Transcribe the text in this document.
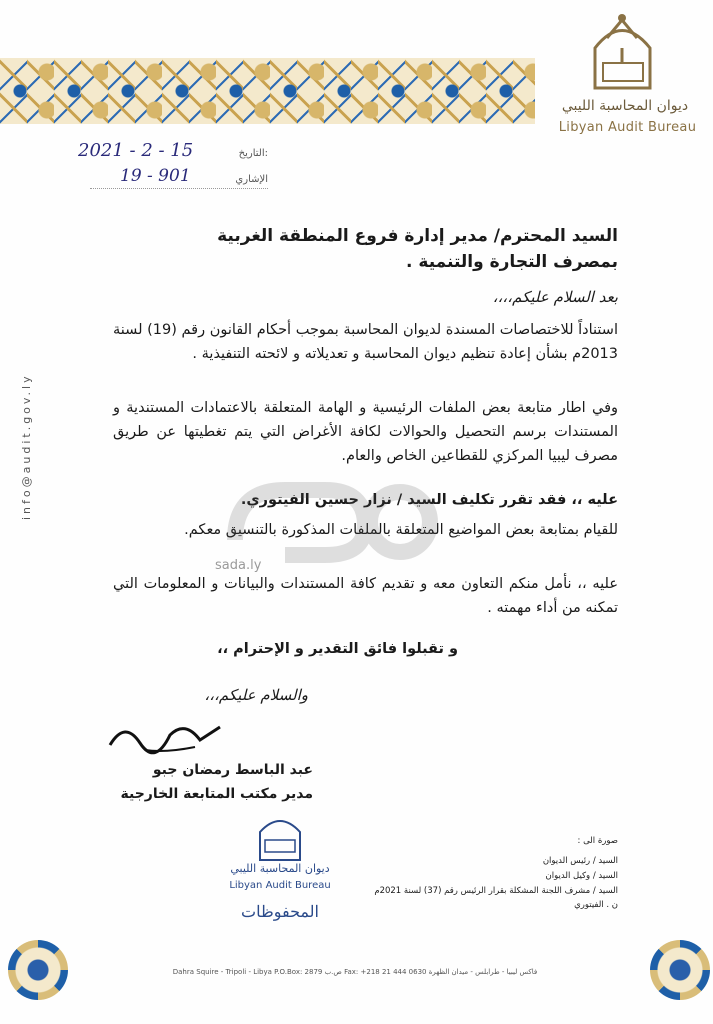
ديوان المحاسبة الليبي
Libyan Audit Bureau
2021 - 2 - 15	التاريخ:
19 - 901	الإشاري
السيد المحترم/ مدير إدارة فروع المنطقة الغربية
بمصرف التجارة والتنمية .
بعد السلام عليكم،،،،
استناداً للاختصاصات المسندة لديوان المحاسبة بموجب أحكام القانون رقم (19) لسنة 2013م بشأن إعادة تنظيم ديوان المحاسبة و تعديلاته و لائحته التنفيذية .
وفي اطار متابعة بعض الملفات الرئيسية و الهامة المتعلقة بالاعتمادات المستندية و المستندات برسم التحصيل والحوالات لكافة الأغراض التي يتم تغطيتها عن طريق مصرف ليبيا المركزي للقطاعين الخاص والعام.
عليه ،، فقد تقرر تكليف السيد / نزار حسين الفيتوري.
للقيام بمتابعة بعض المواضيع المتعلقة بالملفات المذكورة بالتنسيق معكم.
عليه ،، نأمل منكم التعاون معه و تقديم كافة المستندات والبيانات و المعلومات التي تمكنه من أداء مهمته .
و تقبلوا فائق التقدير و الإحترام ،،
والسلام عليكم،،،
عبد الباسط رمضان جبو
مدير مكتب المتابعة الخارجية
ديوان المحاسبة الليبي
Libyan Audit Bureau
المحفوظات
صورة الى :
السيد / رئيس الديوان
السيد / وكيل الديوان
السيد / مشرف اللجنة المشكلة بقرار الرئيس رقم (37) لسنة 2021م
ن . الفيتوري
info@audit.gov.ly
sada.ly
Dahra Squire - Tripoli - Libya P.O.Box: 2879 ص.ب Fax: +218 21 444 0630 فاكس ليبيا - طرابلس - ميدان الظهرة
